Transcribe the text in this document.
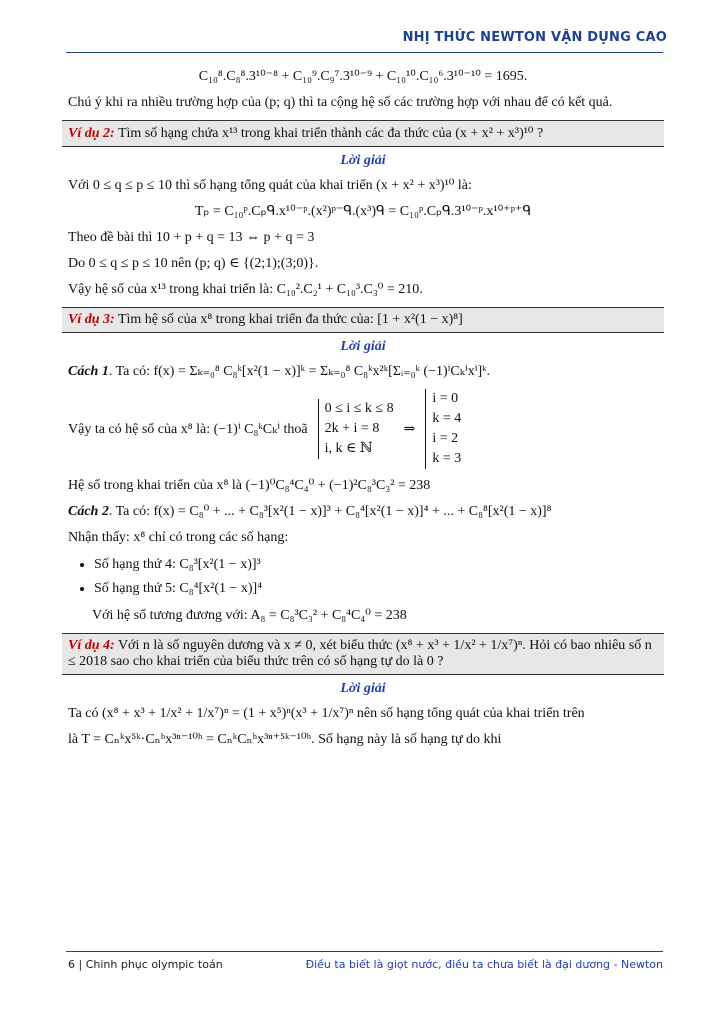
NHỊ THỨC NEWTON VẬN DỤNG CAO
C₁₀⁸.C₈⁸.3¹⁰⁻⁸ + C₁₀⁹.C₉⁷.3¹⁰⁻⁹ + C₁₀¹⁰.C₁₀⁶.3¹⁰⁻¹⁰ = 1695.
Chú ý khi ra nhiều trường hợp của (p; q) thì ta cộng hệ số các trường hợp với nhau để có kết quả.
Ví dụ 2: Tìm số hạng chứa x¹³ trong khai triển thành các đa thức của (x + x² + x³)¹⁰ ?
Lời giải
Với 0 ≤ q ≤ p ≤ 10 thì số hạng tổng quát của khai triển (x + x² + x³)¹⁰ là:
Tₚ = C₁₀ᵖ.Cₚᑫ.x¹⁰⁻ᵖ.(x²)ᵖ⁻ᑫ.(x³)ᑫ = C₁₀ᵖ.Cₚᑫ.3¹⁰⁻ᵖ.x¹⁰⁺ᵖ⁺ᑫ
Theo đề bài thì 10 + p + q = 13 ⇔ p + q = 3
Do 0 ≤ q ≤ p ≤ 10 nên (p; q) ∈ {(2;1);(3;0)}.
Vậy hệ số của x¹³ trong khai triển là: C₁₀².C₂¹ + C₁₀³.C₃⁰ = 210.
Ví dụ 3: Tìm hệ số của x⁸ trong khai triển đa thức của: [1 + x²(1 − x)⁸]
Lời giải
Cách 1. Ta có: f(x) = Σₖ₌₀⁸ C₈ᵏ[x²(1 − x)]ᵏ = Σₖ₌₀⁸ C₈ᵏx²ᵏ[Σᵢ₌₀ᵏ (−1)ⁱCₖⁱxⁱ]ᵏ.
Vậy ta có hệ số của x⁸ là: (−1)ⁱ C₈ᵏCₖⁱ thoã
0 ≤ i ≤ k ≤ 8
2k + i = 8
i, k ∈ ℕ
⇒
i = 0
k = 4
i = 2
k = 3
Hệ số trong khai triển của x⁸ là (−1)⁰C₈⁴C₄⁰ + (−1)²C₈³C₃² = 238
Cách 2. Ta có: f(x) = C₈⁰ + ... + C₈³[x²(1 − x)]³ + C₈⁴[x²(1 − x)]⁴ + ... + C₈⁸[x²(1 − x)]⁸
Nhận thấy: x⁸ chỉ có trong các số hạng:
• Số hạng thứ 4: C₈³[x²(1 − x)]³
• Số hạng thứ 5: C₈⁴[x²(1 − x)]⁴
Với hệ số tương đương với: A₈ = C₈³C₃² + C₈⁴C₄⁰ = 238
Ví dụ 4: Với n là số nguyên dương và x ≠ 0, xét biểu thức (x⁸ + x³ + 1/x² + 1/x⁷)ⁿ. Hỏi có bao nhiêu số n ≤ 2018 sao cho khai triển của biểu thức trên có số hạng tự do là 0 ?
Lời giải
Ta có (x⁸ + x³ + 1/x² + 1/x⁷)ⁿ = (1 + x⁵)ⁿ(x³ + 1/x⁷)ⁿ nên số hạng tổng quát của khai triển trên
là T = Cₙᵏx⁵ᵏ·Cₙʰx³ⁿ⁻¹⁰ʰ = CₙᵏCₙʰx³ⁿ⁺⁵ᵏ⁻¹⁰ʰ. Số hạng này là số hạng tự do khi
6 | Chinh phục olympic toán	Điều ta biết là giọt nước, điều ta chưa biết là đại dương - Newton
